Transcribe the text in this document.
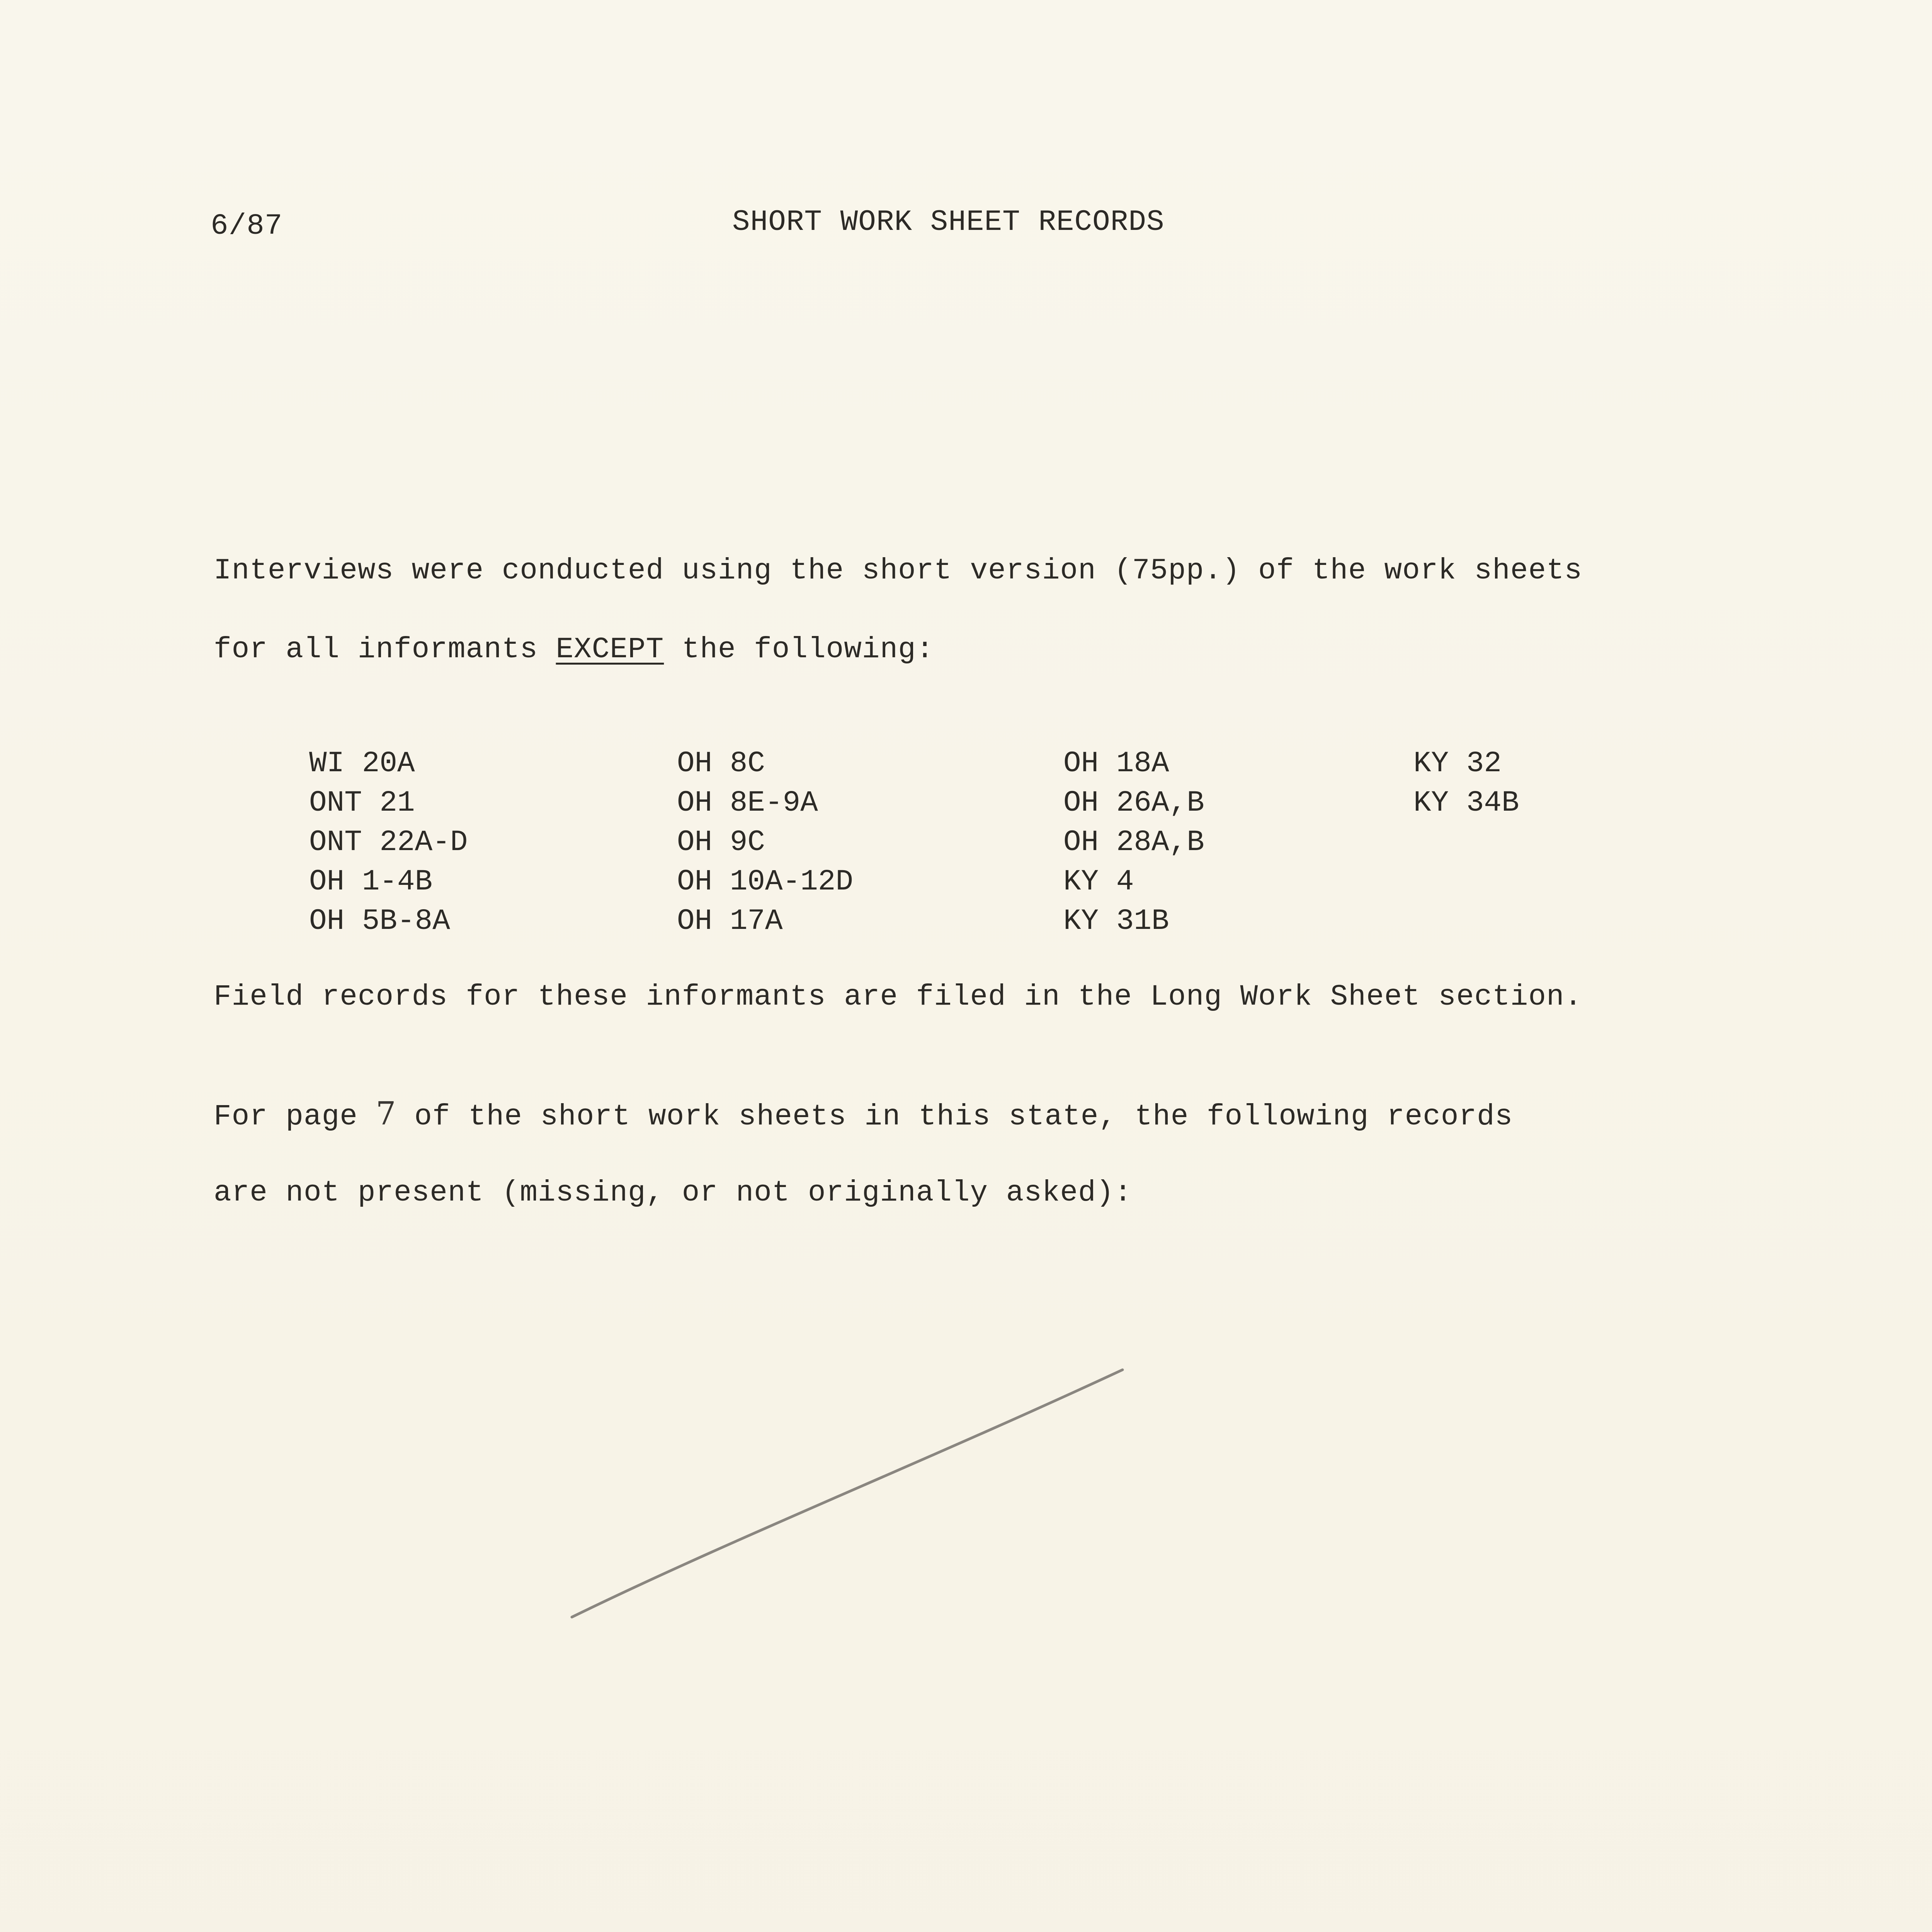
6/87	SHORT WORK SHEET RECORDS
Interviews were conducted using the short version (75pp.) of the work sheets
for all informants EXCEPT the following:
WI 20A
ONT 21
ONT 22A-D
OH 1-4B
OH 5B-8A
OH 8C
OH 8E-9A
OH 9C
OH 10A-12D
OH 17A
OH 18A
OH 26A,B
OH 28A,B
KY 4
KY 31B
KY 32
KY 34B
Field records for these informants are filed in the Long Work Sheet section.
For page 7 of the short work sheets in this state, the following records
are not present (missing, or not originally asked):
